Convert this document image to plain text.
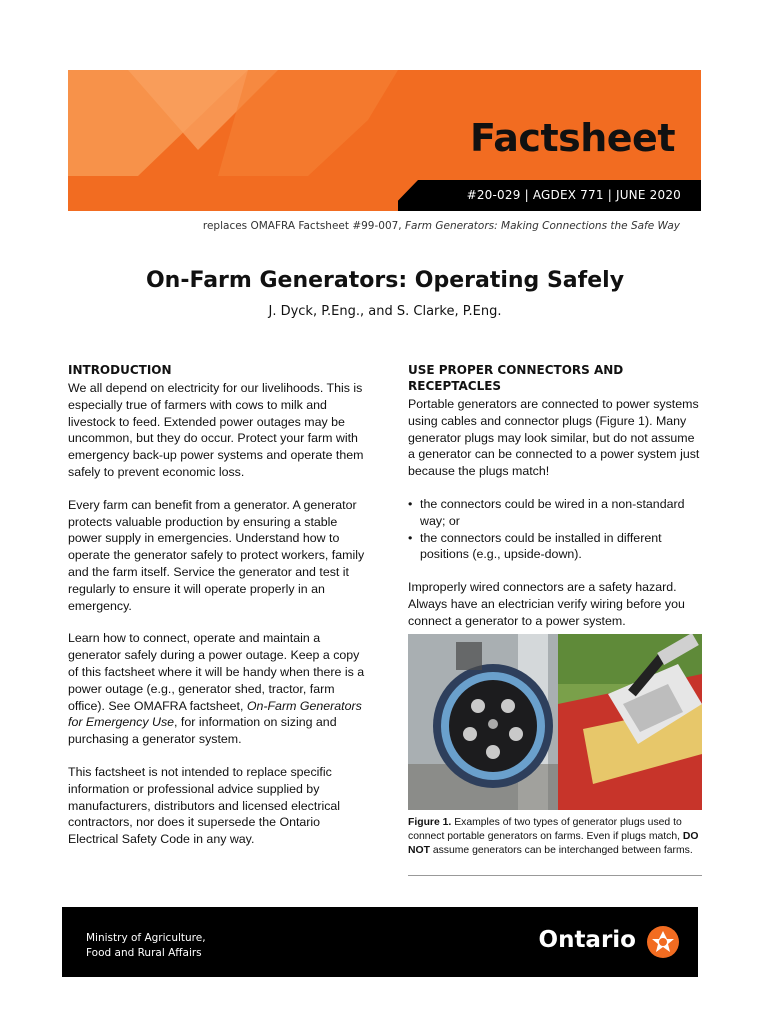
Factsheet
#20-029 | AGDEX 771 | JUNE 2020
replaces OMAFRA Factsheet #99-007, Farm Generators: Making Connections the Safe Way
On-Farm Generators: Operating Safely
J. Dyck, P.Eng., and S. Clarke, P.Eng.
INTRODUCTION

We all depend on electricity for our livelihoods. This is especially true of farmers with cows to milk and livestock to feed. Extended power outages may be uncommon, but they do occur. Protect your farm with emergency back-up power systems and operate them safely to prevent economic loss.

Every farm can benefit from a generator. A generator protects valuable production by ensuring a stable power supply in emergencies. Understand how to operate the generator safely to protect workers, family and the farm itself. Service the generator and test it regularly to ensure it will operate properly in an emergency.

Learn how to connect, operate and maintain a generator safely during a power outage. Keep a copy of this factsheet where it will be handy when there is a power outage (e.g., generator shed, tractor, farm office). See OMAFRA factsheet, On-Farm Generators for Emergency Use, for information on sizing and purchasing a generator system.

This factsheet is not intended to replace specific information or professional advice supplied by manufacturers, distributors and licensed electrical contractors, nor does it supersede the Ontario Electrical Safety Code in any way.

USE PROPER CONNECTORS AND RECEPTACLES

Portable generators are connected to power systems using cables and connector plugs (Figure 1). Many generator plugs may look similar, but do not assume a generator can be connected to a power system just because the plugs match!

• the connectors could be wired in a non-standard way; or
• the connectors could be installed in different positions (e.g., upside-down).

Improperly wired connectors are a safety hazard. Always have an electrician verify wiring before you connect a generator to a power system.

Figure 1. Examples of two types of generator plugs used to connect portable generators on farms. Even if plugs match, DO NOT assume generators can be interchanged between farms.
Ministry of Agriculture,
Food and Rural Affairs	Ontario
